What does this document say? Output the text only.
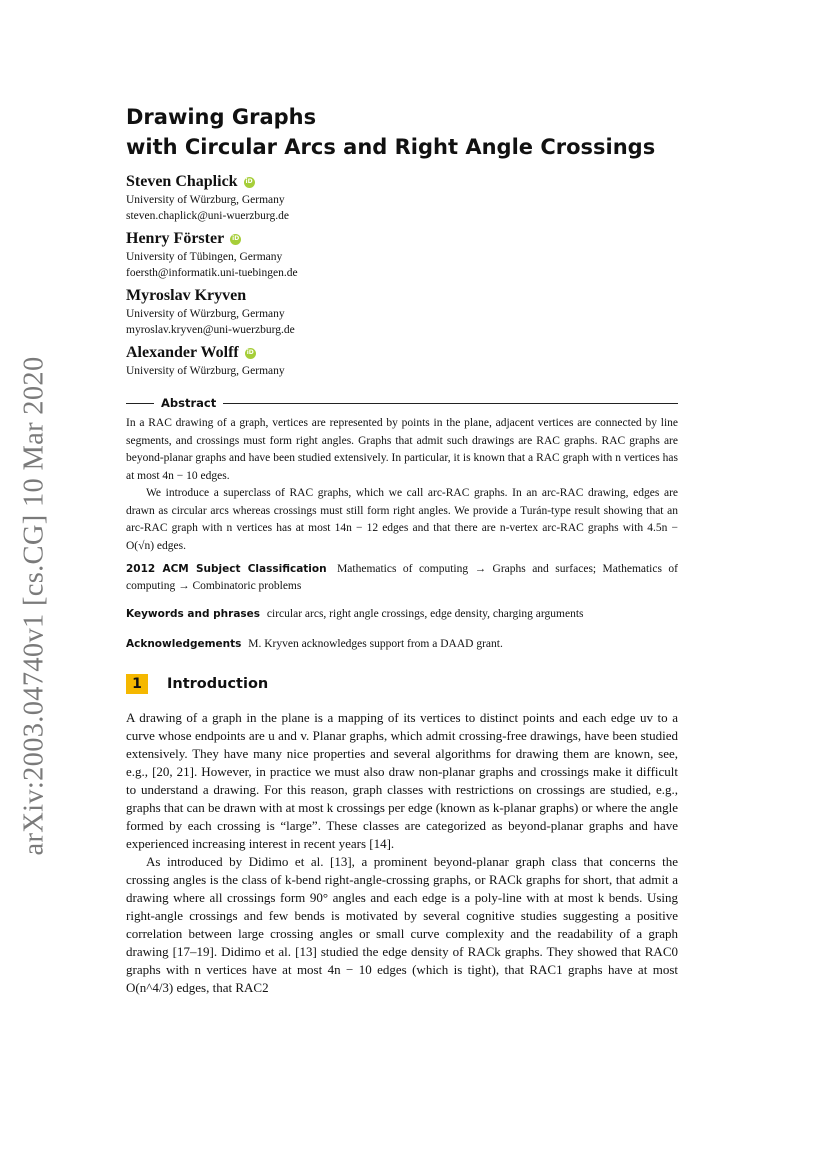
arXiv:2003.04740v1 [cs.CG] 10 Mar 2020
Drawing Graphs
with Circular Arcs and Right Angle Crossings
Steven Chaplick	iD
University of Würzburg, Germany
steven.chaplick@uni-wuerzburg.de
Henry Förster	iD
University of Tübingen, Germany
foersth@informatik.uni-tuebingen.de
Myroslav Kryven
University of Würzburg, Germany
myroslav.kryven@uni-wuerzburg.de
Alexander Wolff	iD
University of Würzburg, Germany
Abstract

In a RAC drawing of a graph, vertices are represented by points in the plane, adjacent vertices are connected by line segments, and crossings must form right angles. Graphs that admit such drawings are RAC graphs. RAC graphs are beyond-planar graphs and have been studied extensively. In particular, it is known that a RAC graph with n vertices has at most 4n − 10 edges.

We introduce a superclass of RAC graphs, which we call arc-RAC graphs. In an arc-RAC drawing, edges are drawn as circular arcs whereas crossings must still form right angles. We provide a Turán-type result showing that an arc-RAC graph with n vertices has at most 14n − 12 edges and that there are n-vertex arc-RAC graphs with 4.5n − O(√n) edges.

2012 ACM Subject Classification Mathematics of computing → Graphs and surfaces; Mathematics of computing → Combinatoric problems
Keywords and phrases circular arcs, right angle crossings, edge density, charging arguments
Acknowledgements M. Kryven acknowledges support from a DAAD grant.
1	Introduction

A drawing of a graph in the plane is a mapping of its vertices to distinct points and each edge uv to a curve whose endpoints are u and v. Planar graphs, which admit crossing-free drawings, have been studied extensively. They have many nice properties and several algorithms for drawing them are known, see, e.g., [20, 21]. However, in practice we must also draw non-planar graphs and crossings make it difficult to understand a drawing. For this reason, graph classes with restrictions on crossings are studied, e.g., graphs that can be drawn with at most k crossings per edge (known as k-planar graphs) or where the angle formed by each crossing is “large”. These classes are categorized as beyond-planar graphs and have experienced increasing interest in recent years [14].

As introduced by Didimo et al. [13], a prominent beyond-planar graph class that concerns the crossing angles is the class of k-bend right-angle-crossing graphs, or RACk graphs for short, that admit a drawing where all crossings form 90° angles and each edge is a poly-line with at most k bends. Using right-angle crossings and few bends is motivated by several cognitive studies suggesting a positive correlation between large crossing angles or small curve complexity and the readability of a graph drawing [17–19]. Didimo et al. [13] studied the edge density of RACk graphs. They showed that RAC0 graphs with n vertices have at most 4n − 10 edges (which is tight), that RAC1 graphs have at most O(n^4/3) edges, that RAC2
